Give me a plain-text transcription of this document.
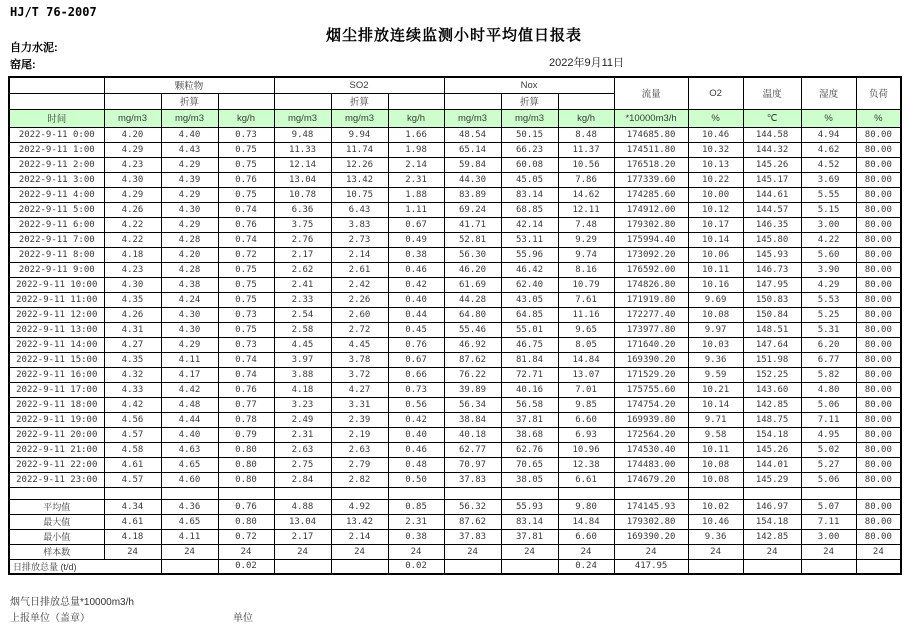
HJ/T 76-2007
烟尘排放连续监测小时平均值日报表
自力水泥:
窑尾:	2022年9月11日
	颗粒物			SO2			Nox			流量	O2	温度	湿度	负荷
		折算			折算			折算						
时间	mg/m3	mg/m3	kg/h	mg/m3	mg/m3	kg/h	mg/m3	mg/m3	kg/h	*10000m3/h	%	℃	%	%
2022-9-11 0:00	4.20	4.40	0.73	9.48	9.94	1.66	48.54	50.15	8.48	174685.80	10.46	144.58	4.94	80.00
2022-9-11 1:00	4.29	4.43	0.75	11.33	11.74	1.98	65.14	66.23	11.37	174511.80	10.32	144.32	4.62	80.00
2022-9-11 2:00	4.23	4.29	0.75	12.14	12.26	2.14	59.84	60.08	10.56	176518.20	10.13	145.26	4.52	80.00
2022-9-11 3:00	4.30	4.39	0.76	13.04	13.42	2.31	44.30	45.05	7.86	177339.60	10.22	145.17	3.69	80.00
2022-9-11 4:00	4.29	4.29	0.75	10.78	10.75	1.88	83.89	83.14	14.62	174285.60	10.00	144.61	5.55	80.00
2022-9-11 5:00	4.26	4.30	0.74	6.36	6.43	1.11	69.24	68.85	12.11	174912.00	10.12	144.57	5.15	80.00
2022-9-11 6:00	4.22	4.29	0.76	3.75	3.83	0.67	41.71	42.14	7.48	179302.80	10.17	146.35	3.00	80.00
2022-9-11 7:00	4.22	4.28	0.74	2.76	2.73	0.49	52.81	53.11	9.29	175994.40	10.14	145.80	4.22	80.00
2022-9-11 8:00	4.18	4.20	0.72	2.17	2.14	0.38	56.30	55.96	9.74	173092.20	10.06	145.93	5.60	80.00
2022-9-11 9:00	4.23	4.28	0.75	2.62	2.61	0.46	46.20	46.42	8.16	176592.00	10.11	146.73	3.90	80.00
2022-9-11 10:00	4.30	4.38	0.75	2.41	2.42	0.42	61.69	62.40	10.79	174826.80	10.16	147.95	4.29	80.00
2022-9-11 11:00	4.35	4.24	0.75	2.33	2.26	0.40	44.28	43.05	7.61	171919.80	9.69	150.83	5.53	80.00
2022-9-11 12:00	4.26	4.30	0.73	2.54	2.60	0.44	64.80	64.85	11.16	172277.40	10.08	150.84	5.25	80.00
2022-9-11 13:00	4.31	4.30	0.75	2.58	2.72	0.45	55.46	55.01	9.65	173977.80	9.97	148.51	5.31	80.00
2022-9-11 14:00	4.27	4.29	0.73	4.45	4.45	0.76	46.92	46.75	8.05	171640.20	10.03	147.64	6.20	80.00
2022-9-11 15:00	4.35	4.11	0.74	3.97	3.78	0.67	87.62	81.84	14.84	169390.20	9.36	151.98	6.77	80.00
2022-9-11 16:00	4.32	4.17	0.74	3.88	3.72	0.66	76.22	72.71	13.07	171529.20	9.59	152.25	5.82	80.00
2022-9-11 17:00	4.33	4.42	0.76	4.18	4.27	0.73	39.89	40.16	7.01	175755.60	10.21	143.60	4.80	80.00
2022-9-11 18:00	4.42	4.48	0.77	3.23	3.31	0.56	56.34	56.58	9.85	174754.20	10.14	142.85	5.06	80.00
2022-9-11 19:00	4.56	4.44	0.78	2.49	2.39	0.42	38.84	37.81	6.60	169939.80	9.71	148.75	7.11	80.00
2022-9-11 20:00	4.57	4.40	0.79	2.31	2.19	0.40	40.18	38.68	6.93	172564.20	9.58	154.18	4.95	80.00
2022-9-11 21:00	4.58	4.63	0.80	2.63	2.63	0.46	62.77	62.76	10.96	174530.40	10.11	145.26	5.02	80.00
2022-9-11 22:00	4.61	4.65	0.80	2.75	2.79	0.48	70.97	70.65	12.38	174483.00	10.08	144.01	5.27	80.00
2022-9-11 23:00	4.57	4.60	0.80	2.84	2.82	0.50	37.83	38.05	6.61	174679.20	10.08	145.29	5.06	80.00

平均值	4.34	4.36	0.76	4.88	4.92	0.85	56.32	55.93	9.80	174145.93	10.02	146.97	5.07	80.00
最大值	4.61	4.65	0.80	13.04	13.42	2.31	87.62	83.14	14.84	179302.80	10.46	154.18	7.11	80.00
最小值	4.18	4.11	0.72	2.17	2.14	0.38	37.83	37.81	6.60	169390.20	9.36	142.85	3.00	80.00
样本数	24	24	24	24	24	24	24	24	24	24	24	24	24	24
日排放总量 (t/d)			0.02			0.02			0.24	417.95				
烟气日排放总量*10000m3/h
上报单位（盖章）	单位
